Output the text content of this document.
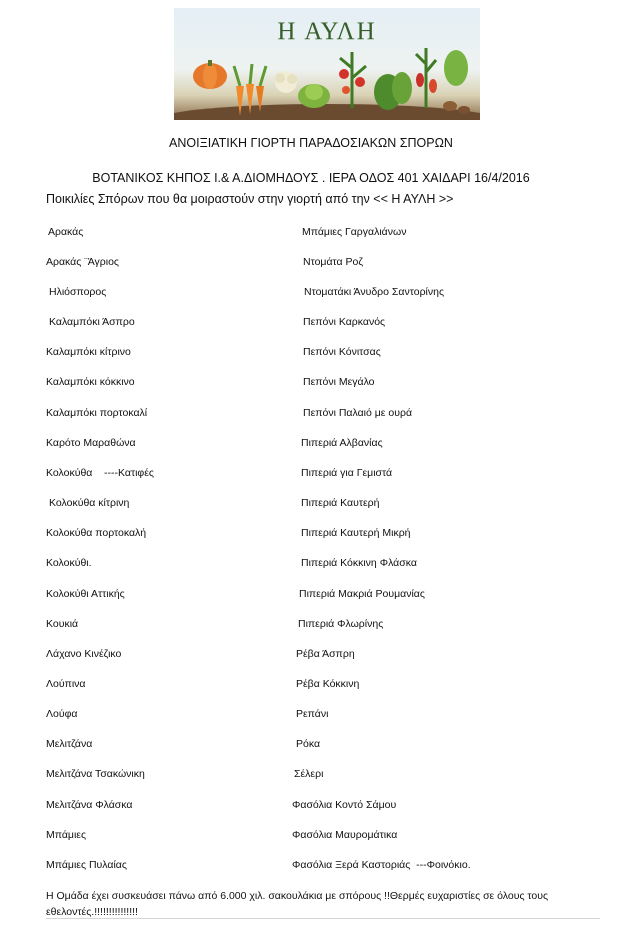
Η ΑΥΛΗ
ΑΝΟΙΞΙΑΤΙΚΗ ΓΙΟΡΤΗ ΠΑΡΑΔΟΣΙΑΚΩΝ ΣΠΟΡΩΝ
ΒΟΤΑΝΙΚΟΣ ΚΗΠΟΣ Ι.& Α.ΔΙΟΜΗΔΟΥΣ . ΙΕΡΑ ΟΔΟΣ 401 ΧΑΙΔΑΡΙ 16/4/2016
Ποικιλίες Σπόρων που θα μοιραστούν στην γιορτή από την << Η ΑΥΛΗ >>
Αρακάς
Αρακάς ¨Άγριος
Ηλιόσπορος
Καλαμπόκι Άσπρο
Καλαμπόκι κίτρινο
Καλαμπόκι κόκκινο
Καλαμπόκι πορτοκαλί
Καρότο Μαραθώνα
Κολοκύθα    ----Κατιφές
Κολοκύθα κίτρινη
Κολοκύθα πορτοκαλή
Κολοκύθι.
Κολοκύθι Αττικής
Κουκιά
Λάχανο Κινέζικο
Λούπινα
Λούφα
Μελιτζάνα
Μελιτζάνα Τσακώνικη
Μελιτζάνα Φλάσκα
Μπάμιες
Μπάμιες Πυλαίας
Μπάμιες Γαργαλιάνων
Ντομάτα Ροζ
Ντοματάκι Άνυδρο Σαντορίνης
Πεπόνι Καρκανός
Πεπόνι Κόνιτσας
Πεπόνι Μεγάλο
Πεπόνι Παλαιό με ουρά
Πιπεριά Αλβανίας
Πιπεριά για Γεμιστά
Πιπεριά Καυτερή
Πιπεριά Καυτερή Μικρή
Πιπεριά Κόκκινη Φλάσκα
Πιπεριά Μακριά Ρουμανίας
Πιπεριά Φλωρίνης
Ρέβα Άσπρη
Ρέβα Κόκκινη
Ρεπάνι
Ρόκα
Σέλερι
Φασόλια Κοντό Σάμου
Φασόλια Μαυρομάτικα
Φασόλια Ξερά Καστοριάς  ---Φοινόκιο.
Η Ομάδα έχει συσκευάσει πάνω από 6.000 χιλ. σακουλάκια με σπόρους !!Θερμές ευχαριστίες σε όλους τους εθελοντές.!!!!!!!!!!!!!!!
